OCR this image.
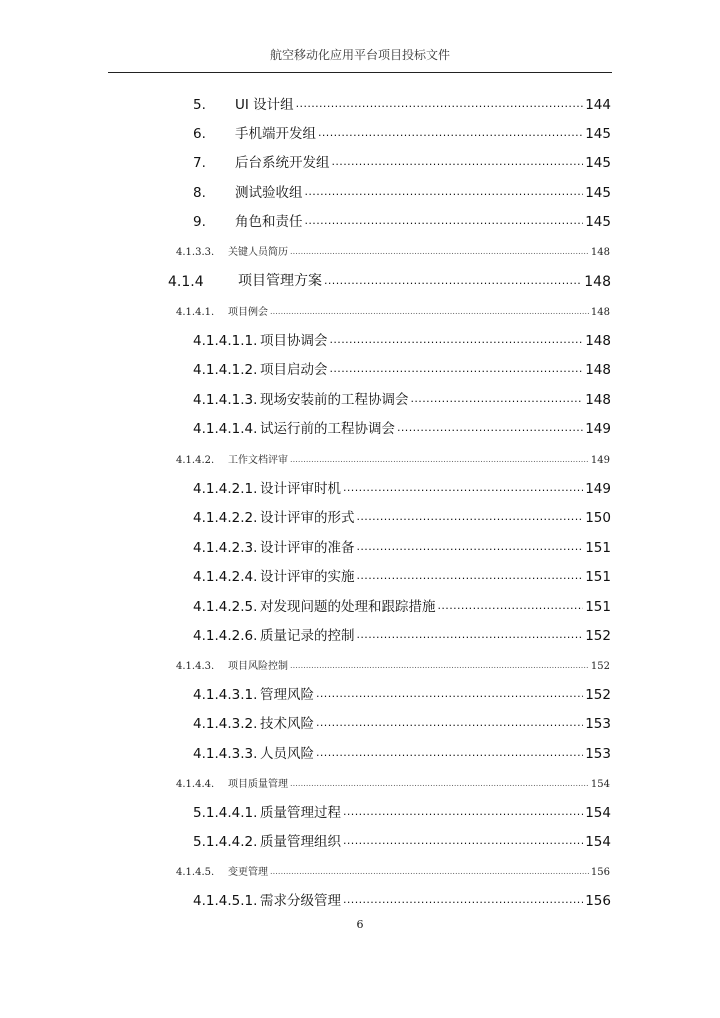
航空移动化应用平台项目投标文件
5.	UI 设计组 .....	144
6.	手机端开发组 .....	145
7.	后台系统开发组 .....	145
8.	测试验收组 .....	145
9.	角色和责任 .....	145
4.1.3.3.	关键人员简历 .....	148
4.1.4	项目管理方案 .....	148
4.1.4.1.	项目例会 .....	148
4.1.4.1.1. 项目协调会 .....	148
4.1.4.1.2. 项目启动会 .....	148
4.1.4.1.3. 现场安装前的工程协调会 .....	148
4.1.4.1.4. 试运行前的工程协调会 .....	149
4.1.4.2.	工作文档评审 .....	149
4.1.4.2.1. 设计评审时机 .....	149
4.1.4.2.2. 设计评审的形式 .....	150
4.1.4.2.3. 设计评审的准备 .....	151
4.1.4.2.4. 设计评审的实施 .....	151
4.1.4.2.5. 对发现问题的处理和跟踪措施 .....	151
4.1.4.2.6. 质量记录的控制 .....	152
4.1.4.3.	项目风险控制 .....	152
4.1.4.3.1. 管理风险 .....	152
4.1.4.3.2. 技术风险 .....	153
4.1.4.3.3. 人员风险 .....	153
4.1.4.4.	项目质量管理 .....	154
5.1.4.4.1. 质量管理过程 .....	154
5.1.4.4.2. 质量管理组织 .....	154
4.1.4.5.	变更管理 .....	156
4.1.4.5.1. 需求分级管理 .....	156
6
